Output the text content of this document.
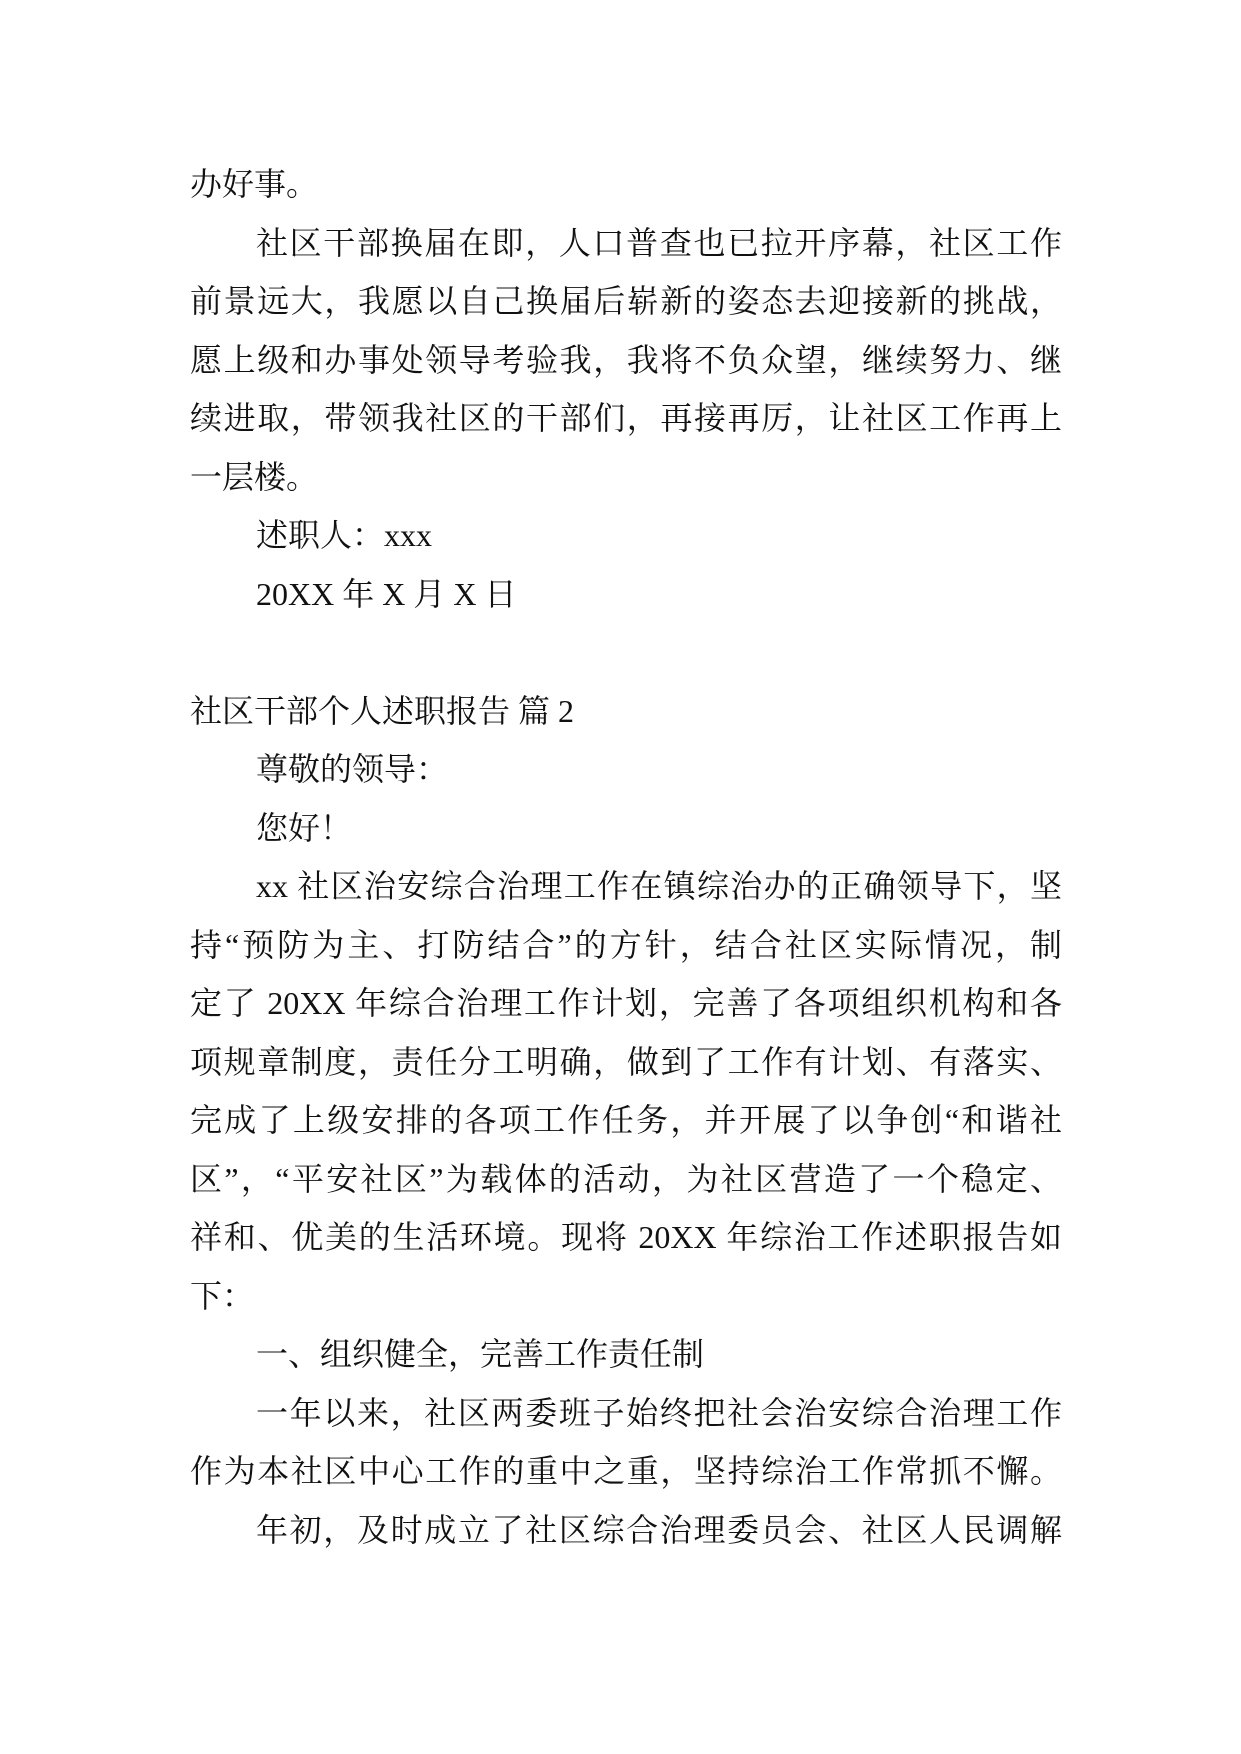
办好事。
社区干部换届在即，人口普查也已拉开序幕，社区工作
前景远大，我愿以自己换届后崭新的姿态去迎接新的挑战，
愿上级和办事处领导考验我，我将不负众望，继续努力、继
续进取，带领我社区的干部们，再接再厉，让社区工作再上
一层楼。
述职人：xxx
20XX 年 X 月 X 日
社区干部个人述职报告 篇 2
尊敬的领导：
您好！
xx 社区治安综合治理工作在镇综治办的正确领导下，坚
持“预防为主、打防结合”的方针，结合社区实际情况，制
定了 20XX 年综合治理工作计划，完善了各项组织机构和各
项规章制度，责任分工明确，做到了工作有计划、有落实、
完成了上级安排的各项工作任务，并开展了以争创“和谐社
区”，“平安社区”为载体的活动，为社区营造了一个稳定、
祥和、优美的生活环境。现将 20XX 年综治工作述职报告如
下：
一、组织健全，完善工作责任制
一年以来，社区两委班子始终把社会治安综合治理工作
作为本社区中心工作的重中之重，坚持综治工作常抓不懈。
年初，及时成立了社区综合治理委员会、社区人民调解
